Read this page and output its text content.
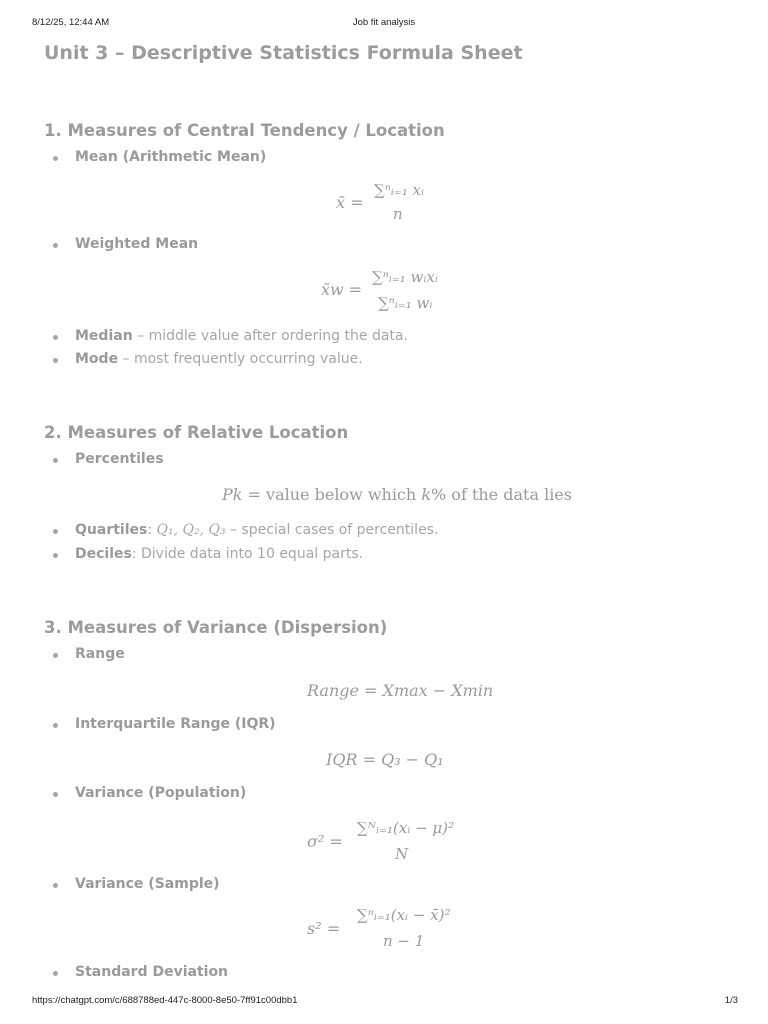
8/12/25, 12:44 AM	Job fit analysis
Unit 3 – Descriptive Statistics Formula Sheet
1. Measures of Central Tendency / Location
Mean (Arithmetic Mean)
x̄ =
∑ⁿᵢ₌₁ xᵢ
n
Weighted Mean
x̄w =
∑ⁿᵢ₌₁ wᵢxᵢ
∑ⁿᵢ₌₁ wᵢ
Median – middle value after ordering the data.
Mode – most frequently occurring value.
2. Measures of Relative Location
Percentiles
Pk = value below which k% of the data lies
Quartiles: Q₁, Q₂, Q₃ – special cases of percentiles.
Deciles: Divide data into 10 equal parts.
3. Measures of Variance (Dispersion)
Range
Range = Xmax − Xmin
Interquartile Range (IQR)
IQR = Q₃ − Q₁
Variance (Population)
σ² =
∑ᴺᵢ₌₁(xᵢ − μ)²
N
Variance (Sample)
s² =
∑ⁿᵢ₌₁(xᵢ − x̄)²
n − 1
Standard Deviation
https://chatgpt.com/c/688788ed-447c-8000-8e50-7ff91c00dbb1	1/3
